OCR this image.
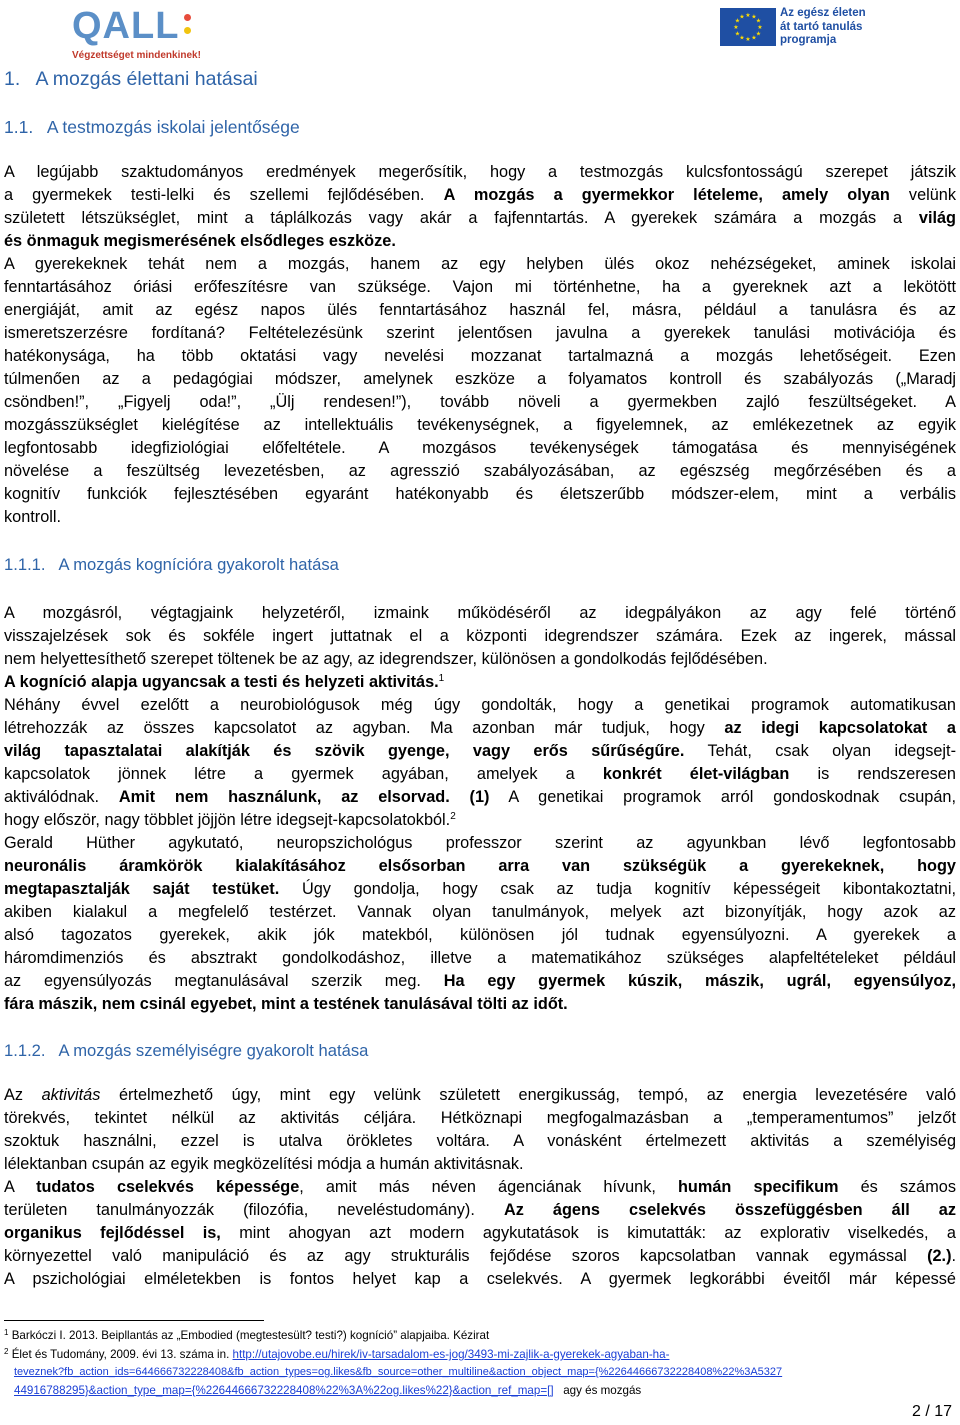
QALL
Végzettséget mindenkinek!
★ ★
★
★
★
★
★
★
★
★
★
★	Az egész életen
át tartó tanulás
programja
1. A mozgás élettani hatásai
1.1. A testmozgás iskolai jelentősége
A legújabb szaktudományos eredmények megerősítik, hogy a testmozgás kulcsfontosságú szerepet játszik
a gyermekek testi-lelki és szellemi fejlődésében. A mozgás a gyermekkor lételeme, amely olyan velünk
született létszükséglet, mint a táplálkozás vagy akár a fajfenntartás. A gyerekek számára a mozgás a világ
és önmaguk megismerésének elsődleges eszköze.
A gyerekeknek tehát nem a mozgás, hanem az egy helyben ülés okoz nehézségeket, aminek iskolai
fenntartásához óriási erőfeszítésre van szüksége. Vajon mi történhetne, ha a gyereknek azt a lekötött
energiáját, amit az egész napos ülés fenntartásához használ fel, másra, például a tanulásra és az
ismeretszerzésre fordítaná? Feltételezésünk szerint jelentősen javulna a gyerekek tanulási motivációja és
hatékonysága, ha több oktatási vagy nevelési mozzanat tartalmazná a mozgás lehetőségeit. Ezen
túlmenően az a pedagógiai módszer, amelynek eszköze a folyamatos kontroll és szabályozás („Maradj
csöndben!”, „Figyelj oda!”, „Ülj rendesen!”), tovább növeli a gyermekben zajló feszültségeket. A
mozgásszükséglet kielégítése az intellektuális tevékenységnek, a figyelemnek, az emlékezetnek az egyik
legfontosabb idegfiziológiai előfeltétele. A mozgásos tevékenységek támogatása és mennyiségének
növelése a feszültség levezetésben, az agresszió szabályozásában, az egészség megőrzésében és a
kognitív funkciók fejlesztésében egyaránt hatékonyabb és életszerűbb módszer-elem, mint a verbális
kontroll.
1.1.1. A mozgás kognícióra gyakorolt hatása
A mozgásról, végtagjaink helyzetéről, izmaink működéséről az idegpályákon az agy felé történő
visszajelzések sok és sokféle ingert juttatnak el a központi idegrendszer számára. Ezek az ingerek, mással
nem helyettesíthető szerepet töltenek be az agy, az idegrendszer, különösen a gondolkodás fejlődésében.
A kogníció alapja ugyancsak a testi és helyzeti aktivitás.$^1$
Néhány évvel ezelőtt a neurobiológusok még úgy gondolták, hogy a genetikai programok automatikusan
létrehozzák az összes kapcsolatot az agyban. Ma azonban már tudjuk, hogy az idegi kapcsolatokat a
világ tapasztalatai alakítják és szövik gyenge, vagy erős sűrűségűre. Tehát, csak olyan idegsejt-
kapcsolatok jönnek létre a gyermek agyában, amelyek a konkrét élet-világban is rendszeresen
aktiválódnak. Amit nem használunk, az elsorvad. (1) A genetikai programok arról gondoskodnak csupán,
hogy először, nagy többlet jöjjön létre idegsejt-kapcsolatokból.$^2$
Gerald Hüther agykutató, neuropszichológus professzor szerint az agyunkban lévő legfontosabb
neuronális áramkörök kialakításához elsősorban arra van szükségük a gyerekeknek, hogy
megtapasztalják saját testüket. Úgy gondolja, hogy csak az tudja kognitív képességeit kibontakoztatni,
akiben kialakul a megfelelő testérzet. Vannak olyan tanulmányok, melyek azt bizonyítják, hogy azok az
alsó tagozatos gyerekek, akik jók matekból, különösen jól tudnak egyensúlyozni. A gyerekek a
háromdimenziós és absztrakt gondolkodáshoz, illetve a matematikához szükséges alapfeltételeket például
az egyensúlyozás megtanulásával szerzik meg. Ha egy gyermek kúszik, mászik, ugrál, egyensúlyoz,
fára mászik, nem csinál egyebet, mint a testének tanulásával tölti az időt.
1.1.2. A mozgás személyiségre gyakorolt hatása
Az aktivitás értelmezhető úgy, mint egy velünk született energikusság, tempó, az energia levezetésére való
törekvés, tekintet nélkül az aktivitás céljára. Hétköznapi megfogalmazásban a „temperamentumos” jelzőt
szoktuk használni, ezzel is utalva örökletes voltára. A vonásként értelmezett aktivitás a személyiség
lélektanban csupán az egyik megközelítési módja a humán aktivitásnak.
A tudatos cselekvés képessége, amit más néven ágenciának hívunk, humán specifikum és számos
területen tanulmányozzák (filozófia, neveléstudomány). Az ágens cselekvés összefüggésben áll az
organikus fejlődéssel is, mint ahogyan azt modern agykutatások is kimutatták: az explorativ viselkedés, a
környezettel való manipuláció és az agy strukturális fejődése szoros kapcsolatban vannak egymással (2.).
A pszichológiai elméletekben is fontos helyet kap a cselekvés. A gyermek legkorábbi éveitől már képessé
$^1$ Barkóczi I. 2013. Beipllantás az „Embodied (megtestesült? testi?) kogníció” alapjaiba. Kézirat
$^2$ Élet és Tudomány, 2009. évi 13. száma in. http://utajovobe.eu/hirek/iv-tarsadalom-es-jog/3493-mi-zajlik-a-gyerekek-agyaban-ha-
teveznek?fb_action_ids=644666732228408&fb_action_types=og.likes&fb_source=other_multiline&action_object_map={%22644666732228408%22%3A5327
44916788295}&action_type_map={%22644666732228408%22%3A%22og.likes%22}&action_ref_map=[] agy és mozgás
2 / 17
